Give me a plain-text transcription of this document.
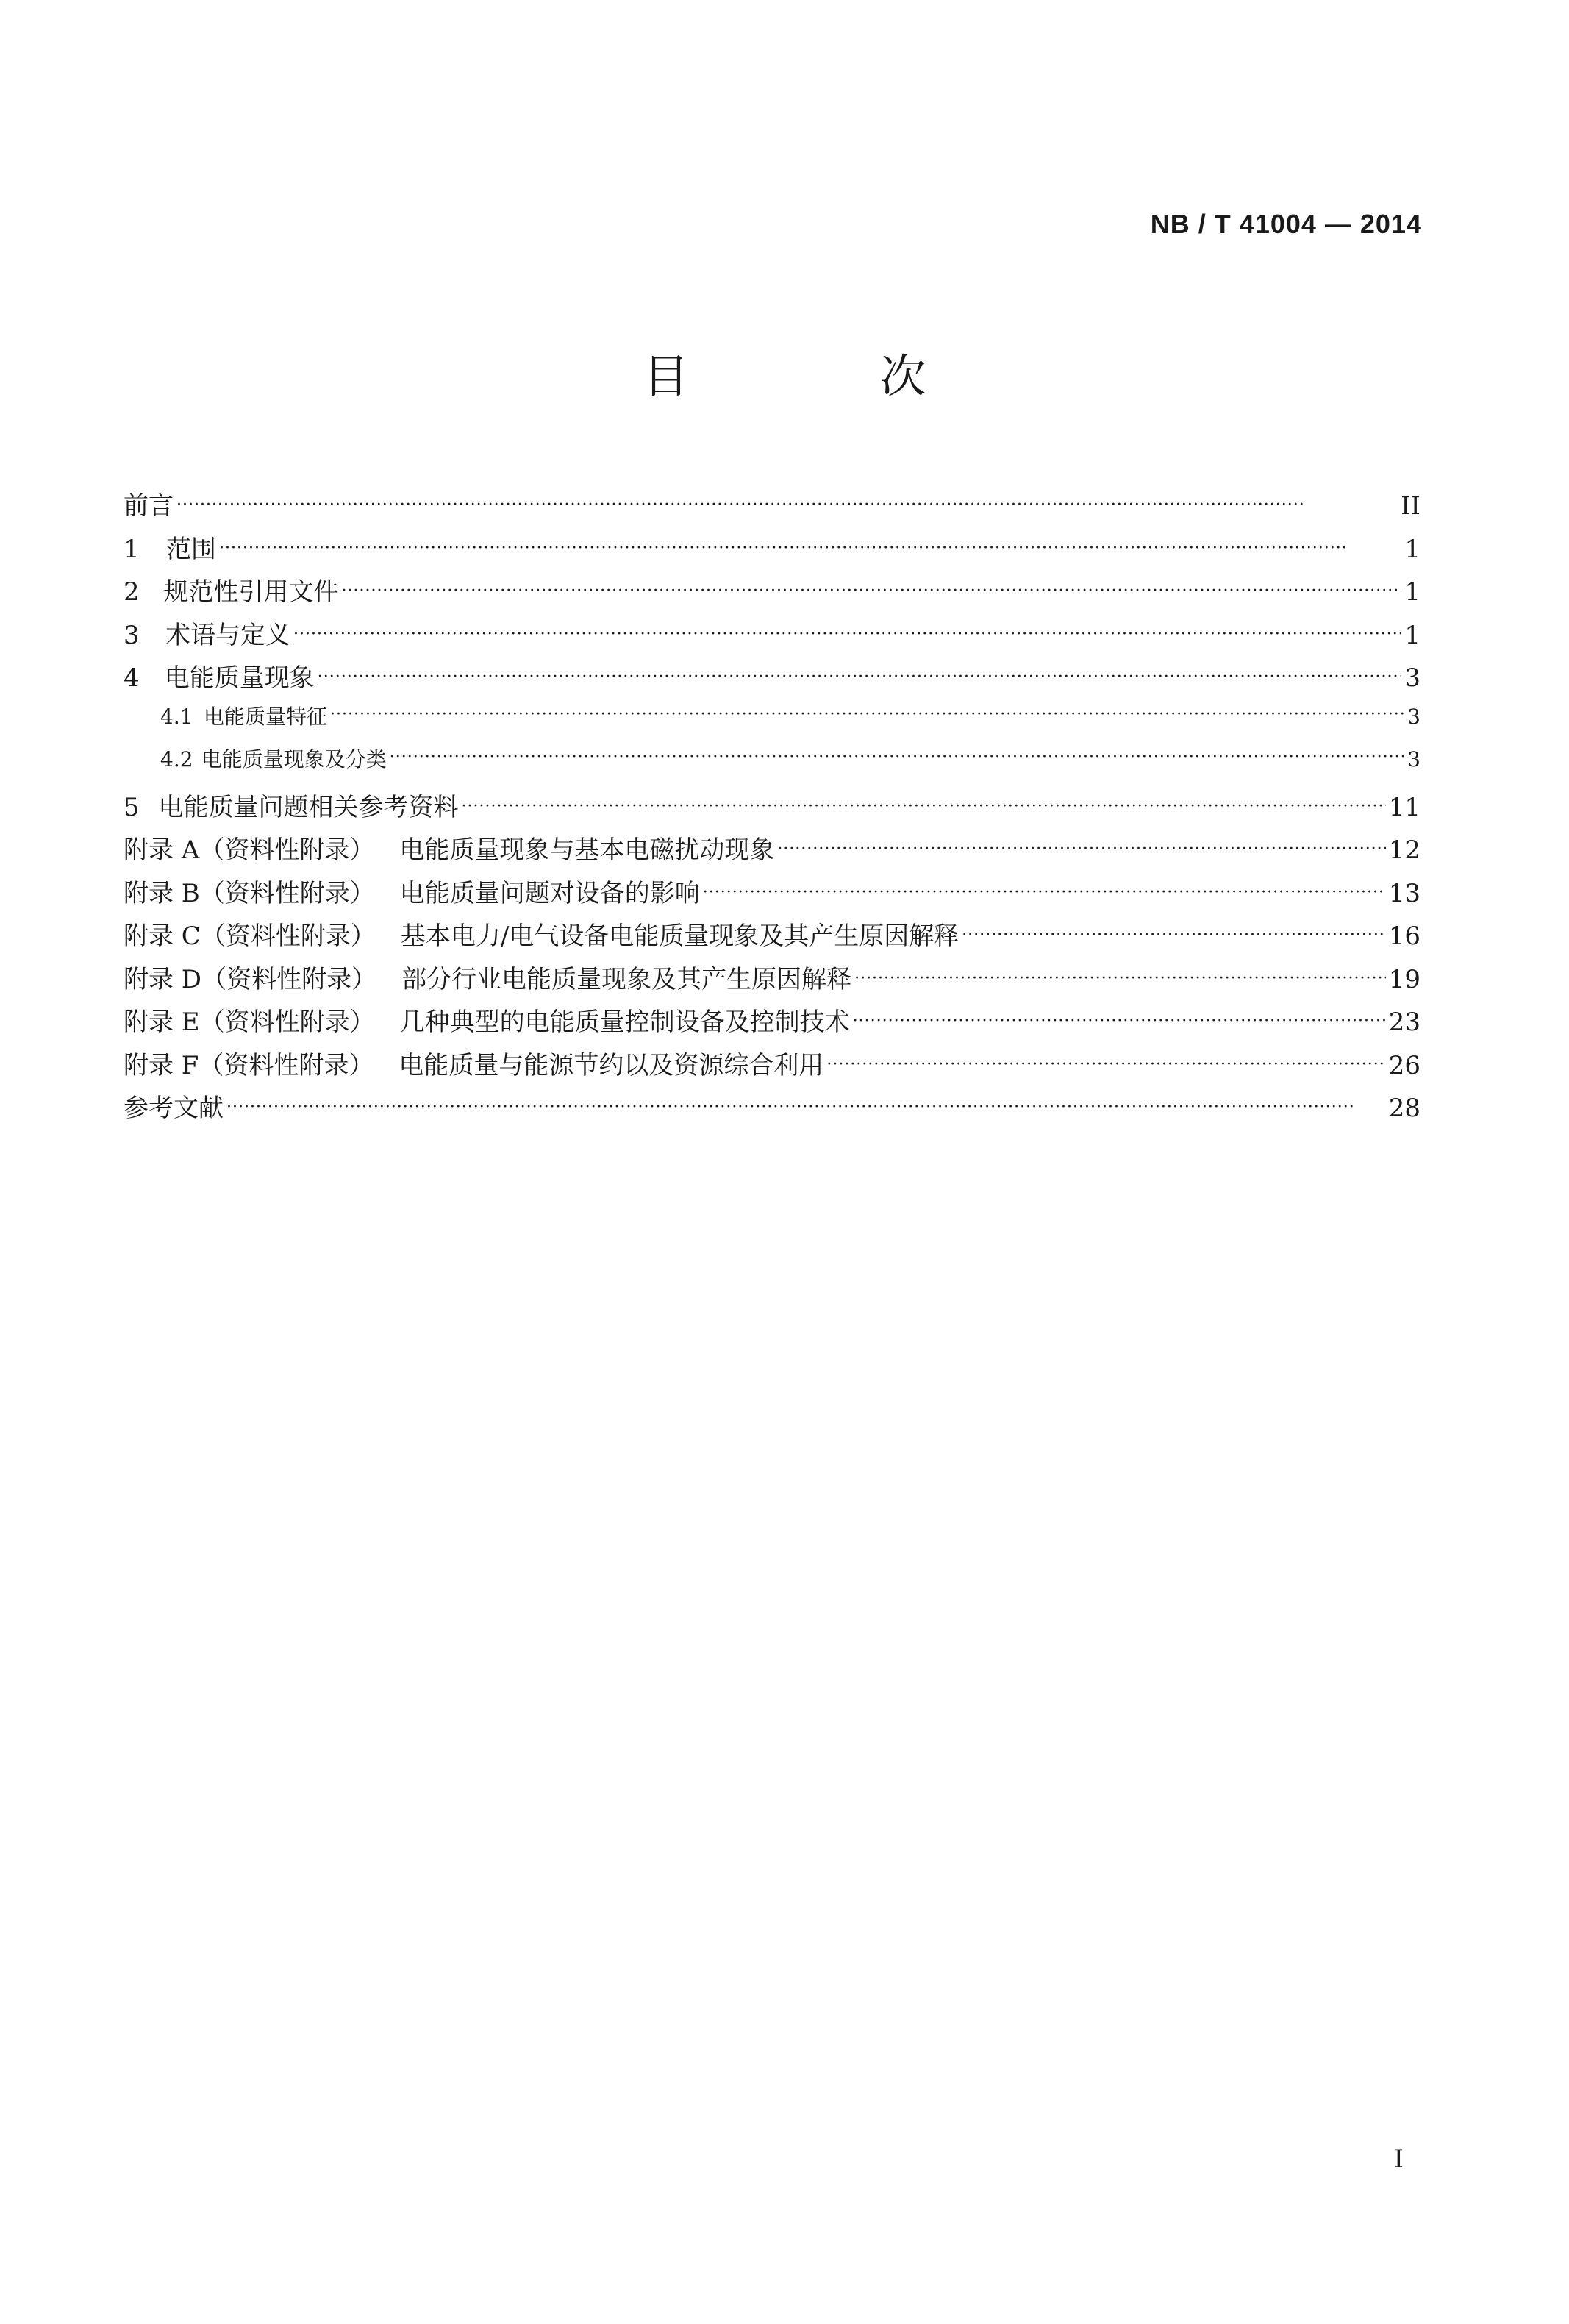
NB / T 41004 — 2014
目　次
前言 ·····	II
1	范围 ·····	1
2 规范性引用文件 ·····	1
3	术语与定义 ·····	1
4	电能质量现象 ·····	3
4.1 电能质量特征 ·····	3
4.2 电能质量现象及分类 ·····	3
5 电能质量问题相关参考资料 ·····	11
附录 A（资料性附录） 电能质量现象与基本电磁扰动现象 ·····	12
附录 B（资料性附录） 电能质量问题对设备的影响 ·····	13
附录 C（资料性附录） 基本电力/电气设备电能质量现象及其产生原因解释 ·····	16
附录 D（资料性附录） 部分行业电能质量现象及其产生原因解释 ·····	19
附录 E（资料性附录） 几种典型的电能质量控制设备及控制技术 ·····	23
附录 F（资料性附录） 电能质量与能源节约以及资源综合利用 ·····	26
参考文献 ·····	28
I
